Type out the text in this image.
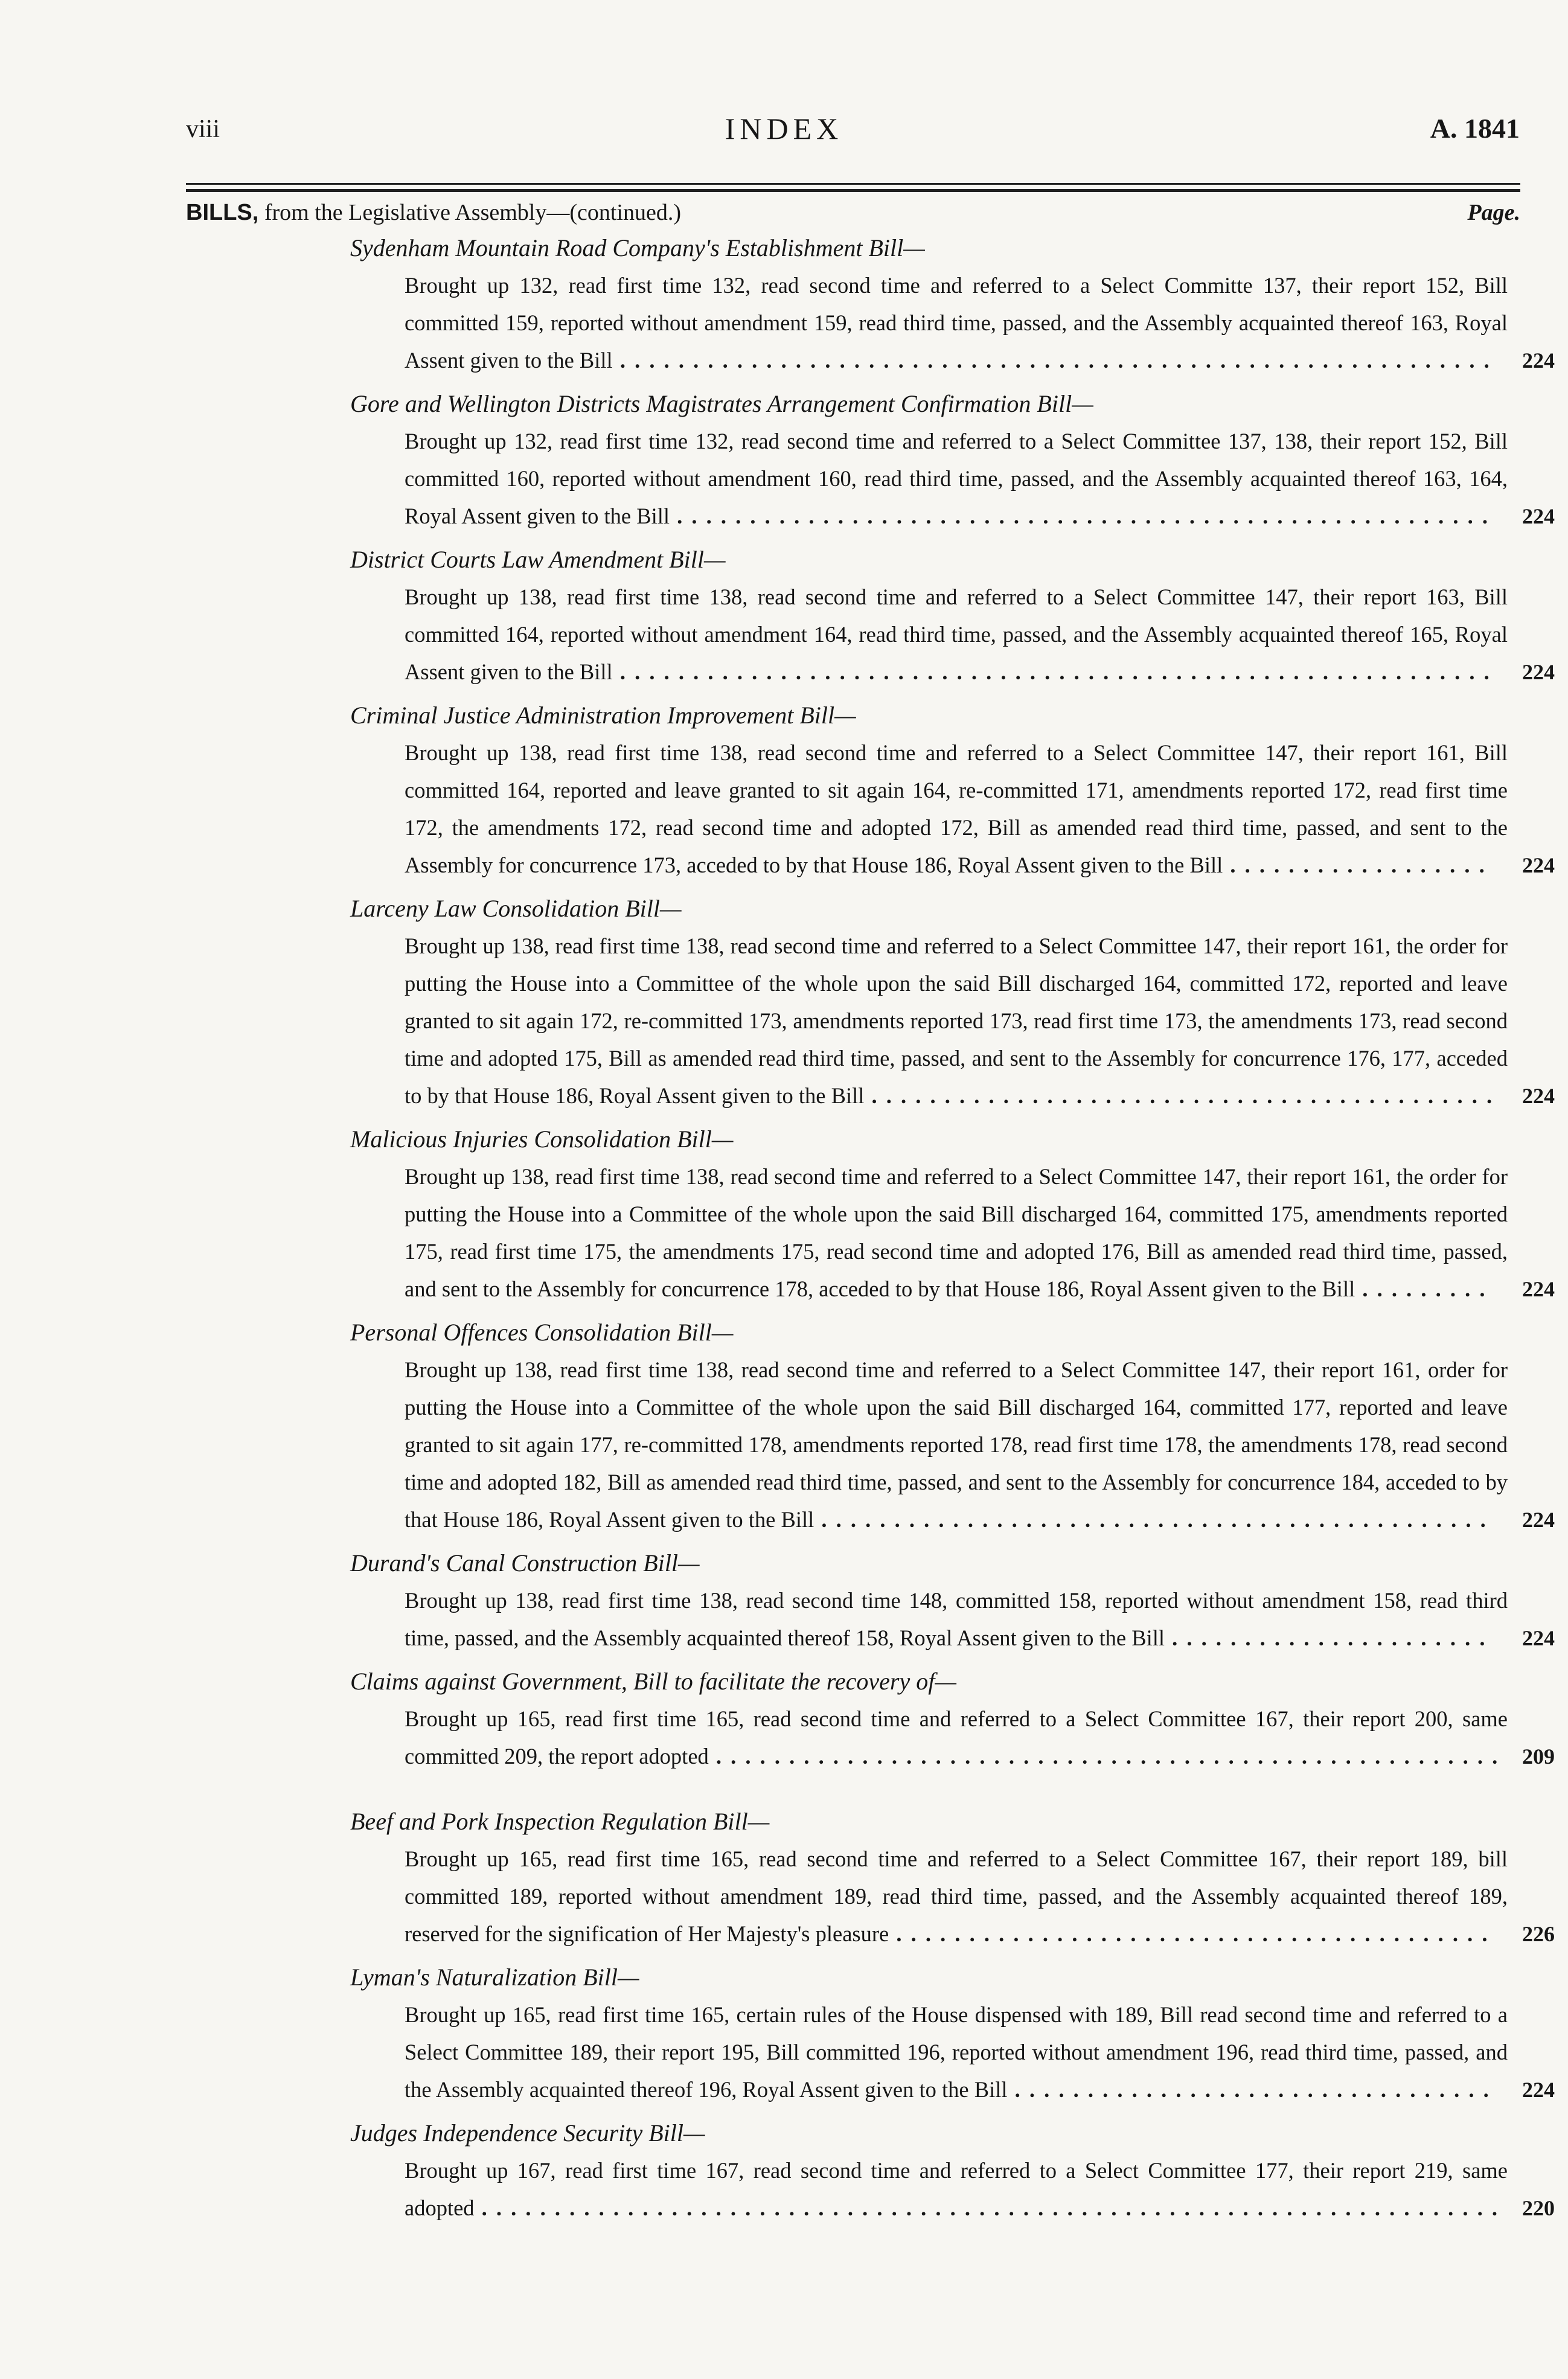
viii	INDEX	A. 1841
BILLS, from the Legislative Assembly—(continued.)	Page.
Sydenham Mountain Road Company's Establishment Bill—
Brought up 132, read first time 132, read second time and referred to a Select Committe 137, their report 152, Bill committed 159, reported without amendment 159, read third time, passed, and the Assembly acquainted thereof 163, Royal Assent given to the Bill . . . . . . . . . . . . . . . . . . . . . . . . . . . . . . . . . . . . . . . . . . . . . . . . . . . . . . . . . . . . 224
Gore and Wellington Districts Magistrates Arrangement Confirmation Bill—
Brought up 132, read first time 132, read second time and referred to a Select Committee 137, 138, their report 152, Bill committed 160, reported without amendment 160, read third time, passed, and the Assembly acquainted thereof 163, 164, Royal Assent given to the Bill . . . . . . . . . . . . . . . . . . . . . . . . . . . . . . . . . . . . . . . . . . . . . . . . . . . . . . . . 224
District Courts Law Amendment Bill—
Brought up 138, read first time 138, read second time and referred to a Select Committee 147, their report 163, Bill committed 164, reported without amendment 164, read third time, passed, and the Assembly acquainted thereof 165, Royal Assent given to the Bill . . . . . . . . . . . . . . . . . . . . . . . . . . . . . . . . . . . . . . . . . . . . . . . . . . . . . . . . . . . . 224
Criminal Justice Administration Improvement Bill—
Brought up 138, read first time 138, read second time and referred to a Select Committee 147, their report 161, Bill committed 164, reported and leave granted to sit again 164, re-committed 171, amendments reported 172, read first time 172, the amendments 172, read second time and adopted 172, Bill as amended read third time, passed, and sent to the Assembly for concurrence 173, acceded to by that House 186, Royal Assent given to the Bill . . . . . . . . . . . . . . . . . . 224
Larceny Law Consolidation Bill—
Brought up 138, read first time 138, read second time and referred to a Select Committee 147, their report 161, the order for putting the House into a Committee of the whole upon the said Bill discharged 164, committed 172, reported and leave granted to sit again 172, re-committed 173, amendments reported 173, read first time 173, the amendments 173, read second time and adopted 175, Bill as amended read third time, passed, and sent to the Assembly for concurrence 176, 177, acceded to by that House 186, Royal Assent given to the Bill . . . . . . . . . . . . . . . . . . . . . . . . . . . . . . . . . . . . . . . . . . . 224
Malicious Injuries Consolidation Bill—
Brought up 138, read first time 138, read second time and referred to a Select Committee 147, their report 161, the order for putting the House into a Committee of the whole upon the said Bill discharged 164, committed 175, amendments reported 175, read first time 175, the amendments 175, read second time and adopted 176, Bill as amended read third time, passed, and sent to the Assembly for concurrence 178, acceded to by that House 186, Royal Assent given to the Bill . . . . . . . . . 224
Personal Offences Consolidation Bill—
Brought up 138, read first time 138, read second time and referred to a Select Committee 147, their report 161, order for putting the House into a Committee of the whole upon the said Bill discharged 164, committed 177, reported and leave granted to sit again 177, re-committed 178, amendments reported 178, read first time 178, the amendments 178, read second time and adopted 182, Bill as amended read third time, passed, and sent to the Assembly for concurrence 184, acceded to by that House 186, Royal Assent given to the Bill . . . . . . . . . . . . . . . . . . . . . . . . . . . . . . . . . . . . . . . . . . . . . . 224
Durand's Canal Construction Bill—
Brought up 138, read first time 138, read second time 148, committed 158, reported without amendment 158, read third time, passed, and the Assembly acquainted thereof 158, Royal Assent given to the Bill . . . . . . . . . . . . . . . . . . . . . . 224
Claims against Government, Bill to facilitate the recovery of—
Brought up 165, read first time 165, read second time and referred to a Select Committee 167, their report 200, same committed 209, the report adopted . . . . . . . . . . . . . . . . . . . . . . . . . . . . . . . . . . . . . . . . . . . . . . . . . . . . . . 209
Beef and Pork Inspection Regulation Bill—
Brought up 165, read first time 165, read second time and referred to a Select Committee 167, their report 189, bill committed 189, reported without amendment 189, read third time, passed, and the Assembly acquainted thereof 189, reserved for the signification of Her Majesty's pleasure . . . . . . . . . . . . . . . . . . . . . . . . . . . . . . . . . . . . . . . . . 226
Lyman's Naturalization Bill—
Brought up 165, read first time 165, certain rules of the House dispensed with 189, Bill read second time and referred to a Select Committee 189, their report 195, Bill committed 196, reported without amendment 196, read third time, passed, and the Assembly acquainted thereof 196, Royal Assent given to the Bill . . . . . . . . . . . . . . . . . . . . . . . . . . . . . . . . . 224
Judges Independence Security Bill—
Brought up 167, read first time 167, read second time and referred to a Select Committee 177, their report 219, same adopted . . . . . . . . . . . . . . . . . . . . . . . . . . . . . . . . . . . . . . . . . . . . . . . . . . . . . . . . . . . . . . . . . . . . . . 220
